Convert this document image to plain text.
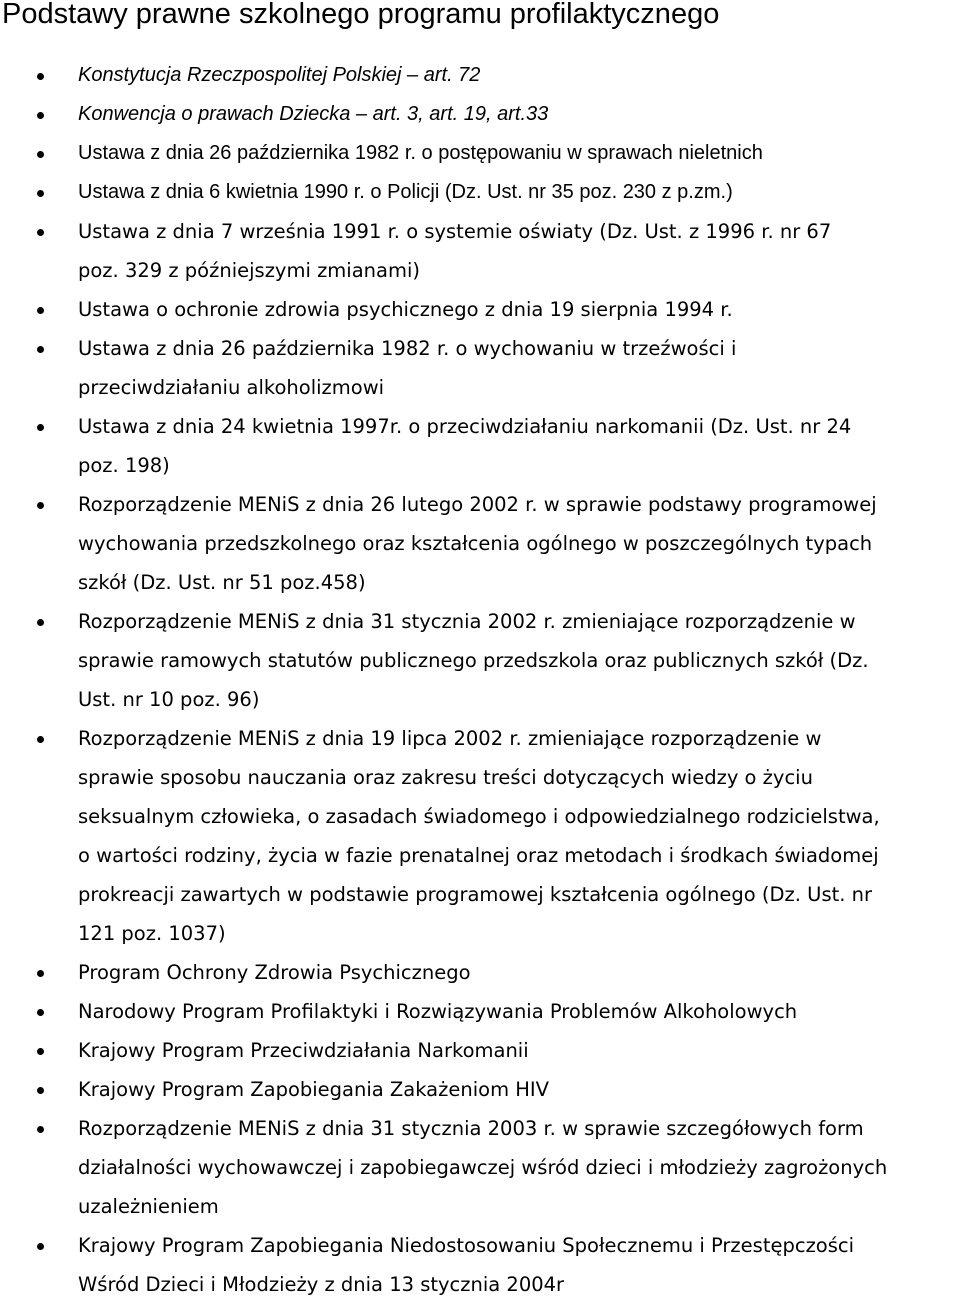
Podstawy prawne szkolnego programu profilaktycznego
Konstytucja Rzeczpospolitej Polskiej – art. 72
Konwencja o prawach Dziecka – art. 3, art. 19, art.33
Ustawa z dnia 26 października 1982 r. o postępowaniu w sprawach nieletnich
Ustawa z dnia 6 kwietnia 1990 r. o Policji (Dz. Ust. nr 35 poz. 230 z p.zm.)
Ustawa z dnia 7 września 1991 r. o systemie oświaty (Dz. Ust. z 1996 r. nr 67
poz. 329 z późniejszymi zmianami)
Ustawa o ochronie zdrowia psychicznego z dnia 19 sierpnia 1994 r.
Ustawa z dnia 26 października 1982 r. o wychowaniu w trzeźwości i
przeciwdziałaniu alkoholizmowi
Ustawa z dnia 24 kwietnia 1997r. o przeciwdziałaniu narkomanii (Dz. Ust. nr 24
poz. 198)
Rozporządzenie MENiS z dnia 26 lutego 2002 r. w sprawie podstawy programowej
wychowania przedszkolnego oraz kształcenia ogólnego w poszczególnych typach
szkół (Dz. Ust. nr 51 poz.458)
Rozporządzenie MENiS z dnia 31 stycznia 2002 r. zmieniające rozporządzenie w
sprawie ramowych statutów publicznego przedszkola oraz publicznych szkół (Dz.
Ust. nr 10 poz. 96)
Rozporządzenie MENiS z dnia 19 lipca 2002 r. zmieniające rozporządzenie w
sprawie sposobu nauczania oraz zakresu treści dotyczących wiedzy o życiu
seksualnym człowieka, o zasadach świadomego i odpowiedzialnego rodzicielstwa,
o wartości rodziny, życia w fazie prenatalnej oraz metodach i środkach świadomej
prokreacji zawartych w podstawie programowej kształcenia ogólnego (Dz. Ust. nr
121 poz. 1037)
Program Ochrony Zdrowia Psychicznego
Narodowy Program Profilaktyki i Rozwiązywania Problemów Alkoholowych
Krajowy Program Przeciwdziałania Narkomanii
Krajowy Program Zapobiegania Zakażeniom HIV
Rozporządzenie MENiS z dnia 31 stycznia 2003 r. w sprawie szczegółowych form
działalności wychowawczej i zapobiegawczej wśród dzieci i młodzieży zagrożonych
uzależnieniem
Krajowy Program Zapobiegania Niedostosowaniu Społecznemu i Przestępczości
Wśród Dzieci i Młodzieży z dnia 13 stycznia 2004r
